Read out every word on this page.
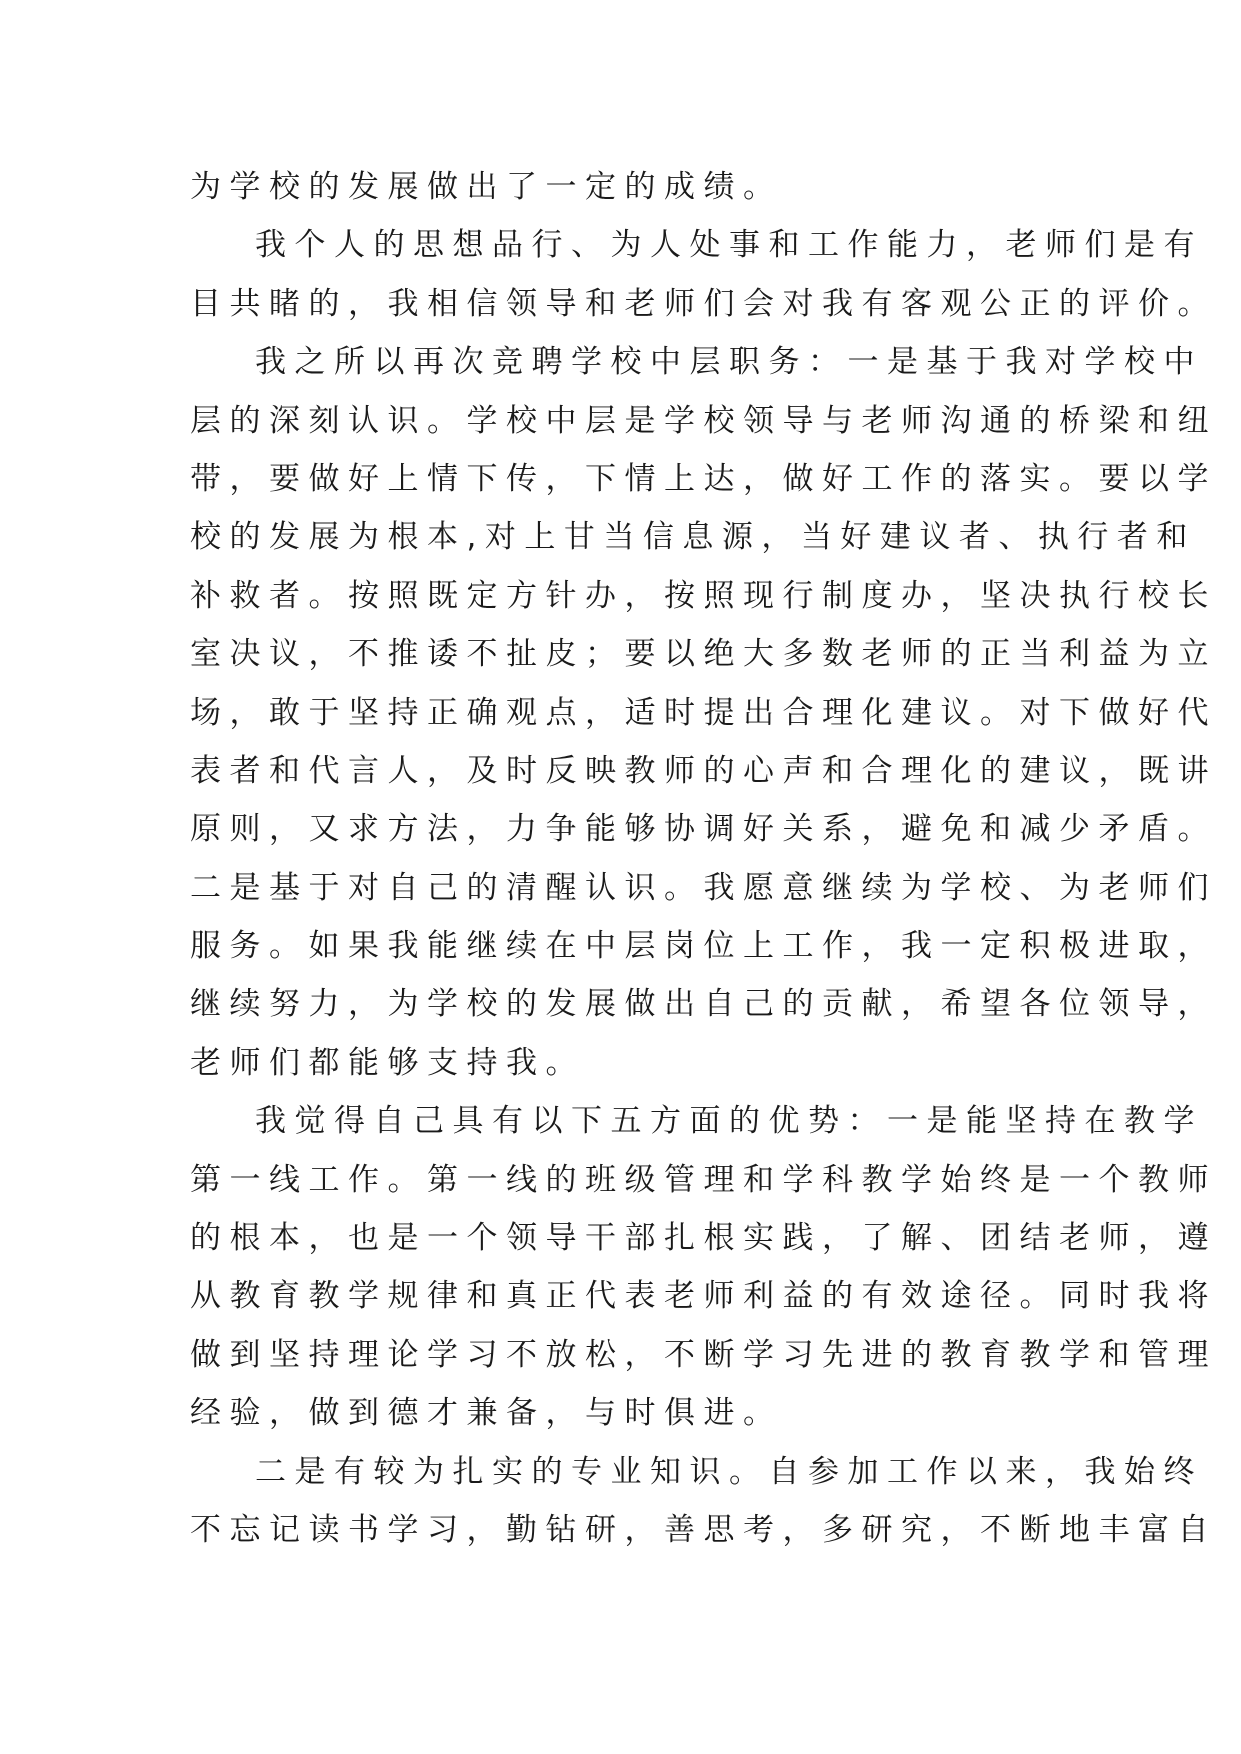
为学校的发展做出了一定的成绩。
我个人的思想品行、为人处事和工作能力，老师们是有
目共睹的，我相信领导和老师们会对我有客观公正的评价。
我之所以再次竞聘学校中层职务：一是基于我对学校中
层的深刻认识。学校中层是学校领导与老师沟通的桥梁和纽
带，要做好上情下传，下情上达，做好工作的落实。要以学
校的发展为根本,对上甘当信息源，当好建议者、执行者和
补救者。按照既定方针办，按照现行制度办，坚决执行校长
室决议，不推诿不扯皮；要以绝大多数老师的正当利益为立
场，敢于坚持正确观点，适时提出合理化建议。对下做好代
表者和代言人，及时反映教师的心声和合理化的建议，既讲
原则，又求方法，力争能够协调好关系，避免和减少矛盾。
二是基于对自己的清醒认识。我愿意继续为学校、为老师们
服务。如果我能继续在中层岗位上工作，我一定积极进取，
继续努力，为学校的发展做出自己的贡献，希望各位领导，
老师们都能够支持我。
我觉得自己具有以下五方面的优势：一是能坚持在教学
第一线工作。第一线的班级管理和学科教学始终是一个教师
的根本，也是一个领导干部扎根实践，了解、团结老师，遵
从教育教学规律和真正代表老师利益的有效途径。同时我将
做到坚持理论学习不放松，不断学习先进的教育教学和管理
经验，做到德才兼备，与时俱进。
二是有较为扎实的专业知识。自参加工作以来，我始终
不忘记读书学习，勤钻研，善思考，多研究，不断地丰富自
